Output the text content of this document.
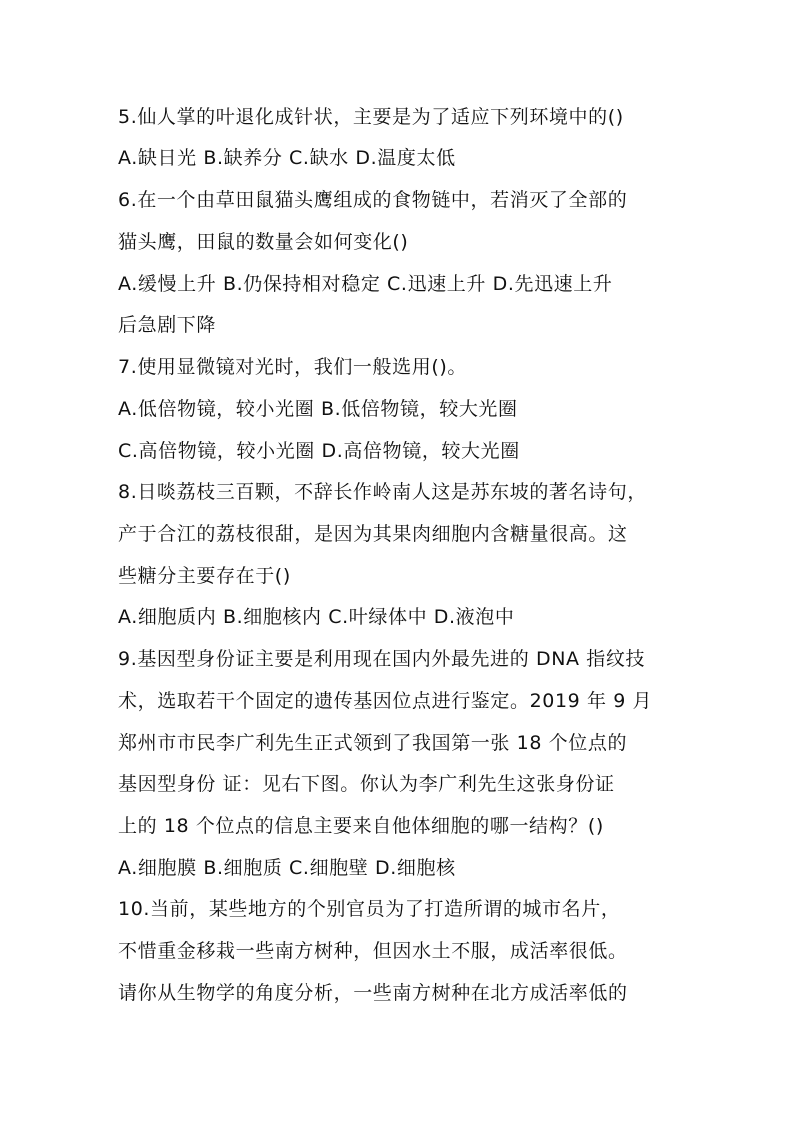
5.仙人掌的叶退化成针状，主要是为了适应下列环境中的()
A.缺日光 B.缺养分 C.缺水 D.温度太低
6.在一个由草田鼠猫头鹰组成的食物链中，若消灭了全部的
猫头鹰，田鼠的数量会如何变化()
A.缓慢上升 B.仍保持相对稳定 C.迅速上升 D.先迅速上升
后急剧下降
7.使用显微镜对光时，我们一般选用()。
A.低倍物镜，较小光圈 B.低倍物镜，较大光圈
C.高倍物镜，较小光圈 D.高倍物镜，较大光圈
8.日啖荔枝三百颗，不辞长作岭南人这是苏东坡的著名诗句，
产于合江的荔枝很甜，是因为其果肉细胞内含糖量很高。这
些糖分主要存在于()
A.细胞质内 B.细胞核内 C.叶绿体中 D.液泡中
9.基因型身份证主要是利用现在国内外最先进的 DNA 指纹技
术，选取若干个固定的遗传基因位点进行鉴定。2019 年 9 月
郑州市市民李广利先生正式领到了我国第一张 18 个位点的
基因型身份 证：见右下图。你认为李广利先生这张身份证
上的 18 个位点的信息主要来自他体细胞的哪一结构？()
A.细胞膜 B.细胞质 C.细胞壁 D.细胞核
10.当前，某些地方的个别官员为了打造所谓的城市名片，
不惜重金移栽一些南方树种，但因水土不服，成活率很低。
请你从生物学的角度分析，一些南方树种在北方成活率低的
